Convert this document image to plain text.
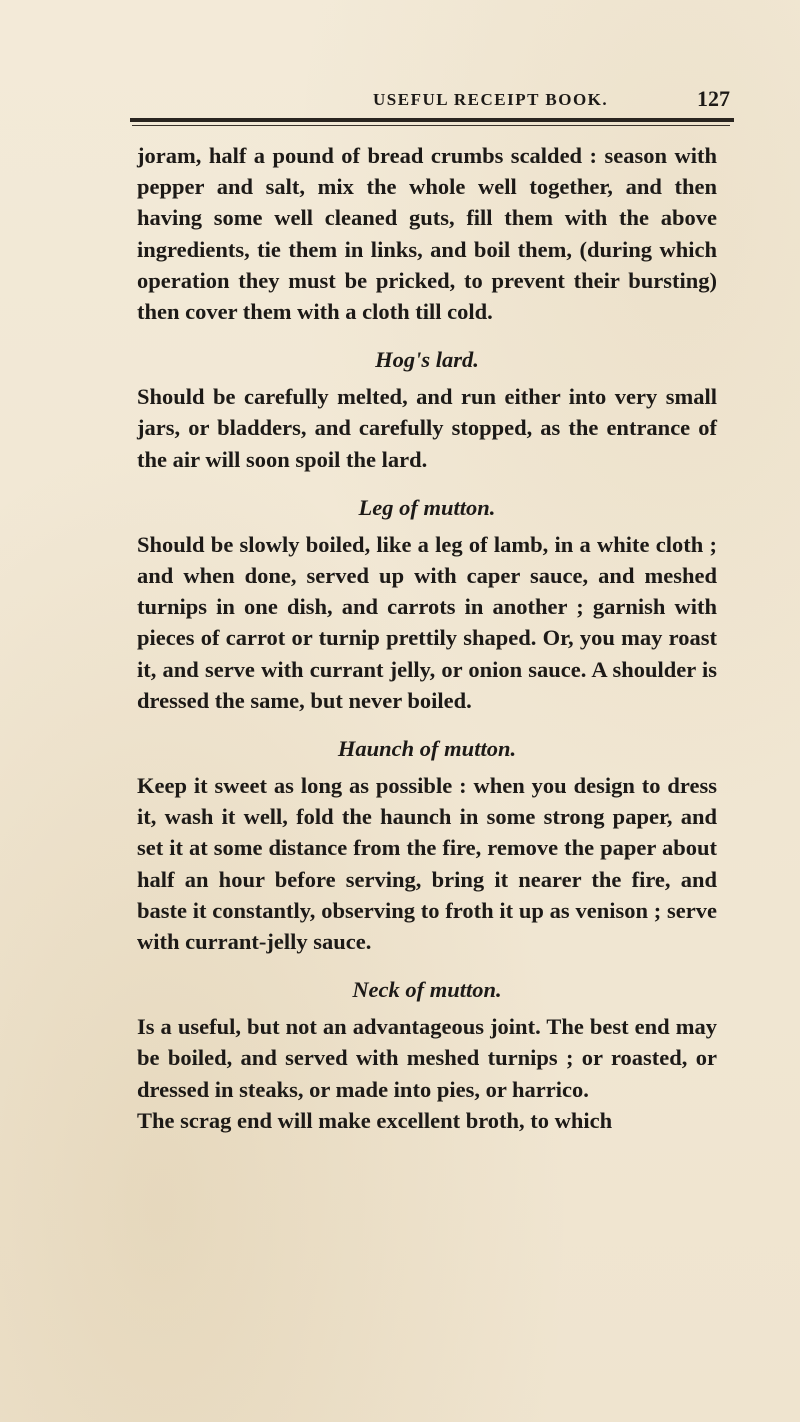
USEFUL RECEIPT BOOK.	127

joram, half a pound of bread crumbs scalded : season with pepper and salt, mix the whole well together, and then having some well cleaned guts, fill them with the above ingredients, tie them in links, and boil them, (during which operation they must be pricked, to prevent their bursting) then cover them with a cloth till cold.

Hog's lard.

Should be carefully melted, and run either into very small jars, or bladders, and carefully stopped, as the entrance of the air will soon spoil the lard.

Leg of mutton.

Should be slowly boiled, like a leg of lamb, in a white cloth ; and when done, served up with caper sauce, and meshed turnips in one dish, and carrots in another ; garnish with pieces of carrot or turnip prettily shaped. Or, you may roast it, and serve with currant jelly, or onion sauce. A shoulder is dressed the same, but never boiled.

Haunch of mutton.

Keep it sweet as long as possible : when you design to dress it, wash it well, fold the haunch in some strong paper, and set it at some distance from the fire, remove the paper about half an hour before serving, bring it nearer the fire, and baste it constantly, observing to froth it up as venison ; serve with currant-jelly sauce.

Neck of mutton.

Is a useful, but not an advantageous joint. The best end may be boiled, and served with meshed turnips ; or roasted, or dressed in steaks, or made into pies, or harrico.

The scrag end will make excellent broth, to which
